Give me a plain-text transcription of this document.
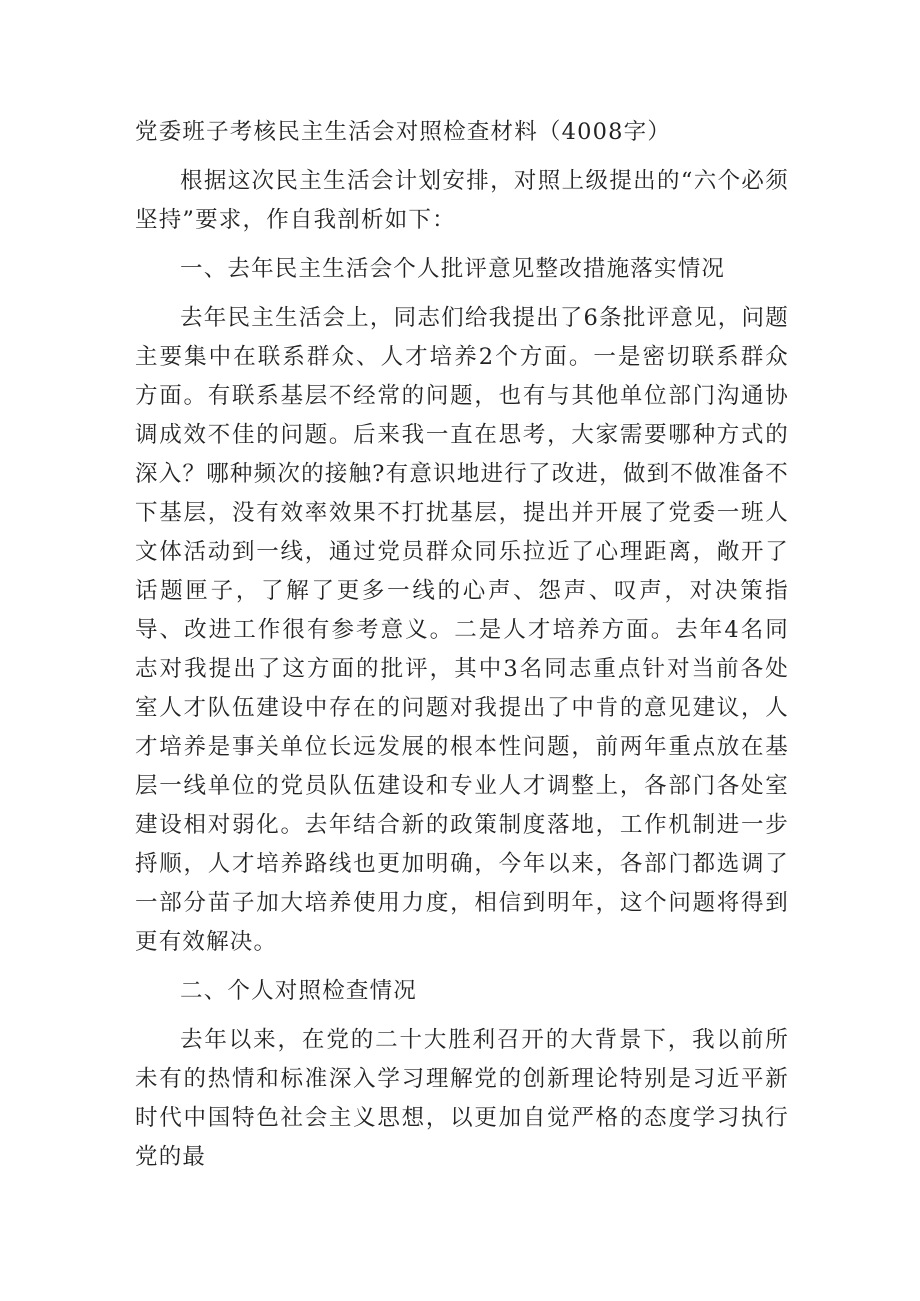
党委班子考核民主生活会对照检查材料（4008字）

根据这次民主生活会计划安排，对照上级提出的“六个必须坚持”要求，作自我剖析如下：

一、去年民主生活会个人批评意见整改措施落实情况

去年民主生活会上，同志们给我提出了6条批评意见，问题主要集中在联系群众、人才培养2个方面。一是密切联系群众方面。有联系基层不经常的问题，也有与其他单位部门沟通协调成效不佳的问题。后来我一直在思考，大家需要哪种方式的深入？哪种频次的接触?有意识地进行了改进，做到不做准备不下基层，没有效率效果不打扰基层，提出并开展了党委一班人文体活动到一线，通过党员群众同乐拉近了心理距离，敞开了话题匣子，了解了更多一线的心声、怨声、叹声，对决策指导、改进工作很有参考意义。二是人才培养方面。去年4名同志对我提出了这方面的批评，其中3名同志重点针对当前各处室人才队伍建设中存在的问题对我提出了中肯的意见建议，人才培养是事关单位长远发展的根本性问题，前两年重点放在基层一线单位的党员队伍建设和专业人才调整上，各部门各处室建设相对弱化。去年结合新的政策制度落地，工作机制进一步捋顺，人才培养路线也更加明确，今年以来，各部门都选调了一部分苗子加大培养使用力度，相信到明年，这个问题将得到更有效解决。

二、个人对照检查情况

去年以来，在党的二十大胜利召开的大背景下，我以前所未有的热情和标准深入学习理解党的创新理论特别是习近平新时代中国特色社会主义思想，以更加自觉严格的态度学习执行党的最
